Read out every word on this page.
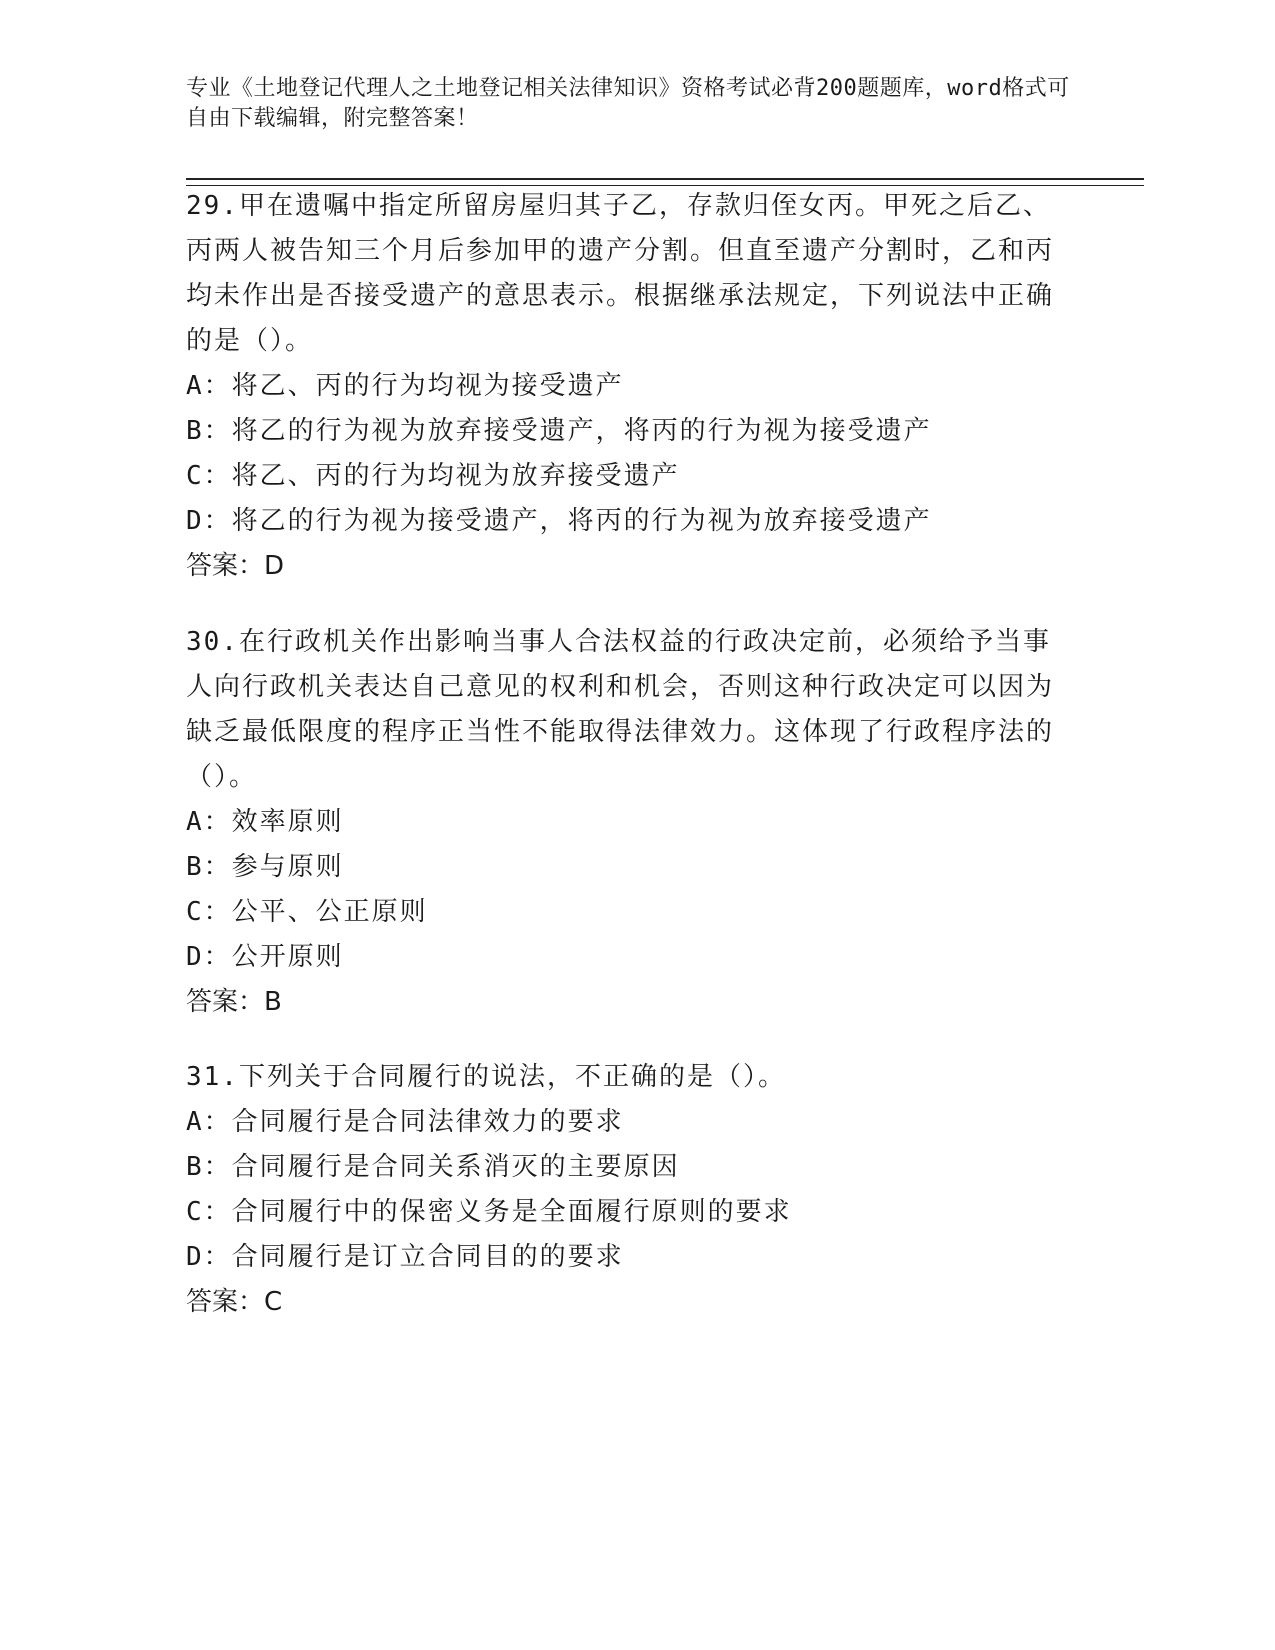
专业《土地登记代理人之土地登记相关法律知识》资格考试必背200题题库，word格式可自由下载编辑，附完整答案！

29.甲在遗嘱中指定所留房屋归其子乙，存款归侄女丙。甲死之后乙、丙两人被告知三个月后参加甲的遗产分割。但直至遗产分割时，乙和丙均未作出是否接受遗产的意思表示。根据继承法规定，下列说法中正确的是（）。

A：将乙、丙的行为均视为接受遗产

B：将乙的行为视为放弃接受遗产，将丙的行为视为接受遗产

C：将乙、丙的行为均视为放弃接受遗产

D：将乙的行为视为接受遗产，将丙的行为视为放弃接受遗产

答案：D

30.在行政机关作出影响当事人合法权益的行政决定前，必须给予当事人向行政机关表达自己意见的权利和机会，否则这种行政决定可以因为缺乏最低限度的程序正当性不能取得法律效力。这体现了行政程序法的（）。

A：效率原则

B：参与原则

C：公平、公正原则

D：公开原则

答案：B

31.下列关于合同履行的说法，不正确的是（）。

A：合同履行是合同法律效力的要求

B：合同履行是合同关系消灭的主要原因

C：合同履行中的保密义务是全面履行原则的要求

D：合同履行是订立合同目的的要求

答案：C
